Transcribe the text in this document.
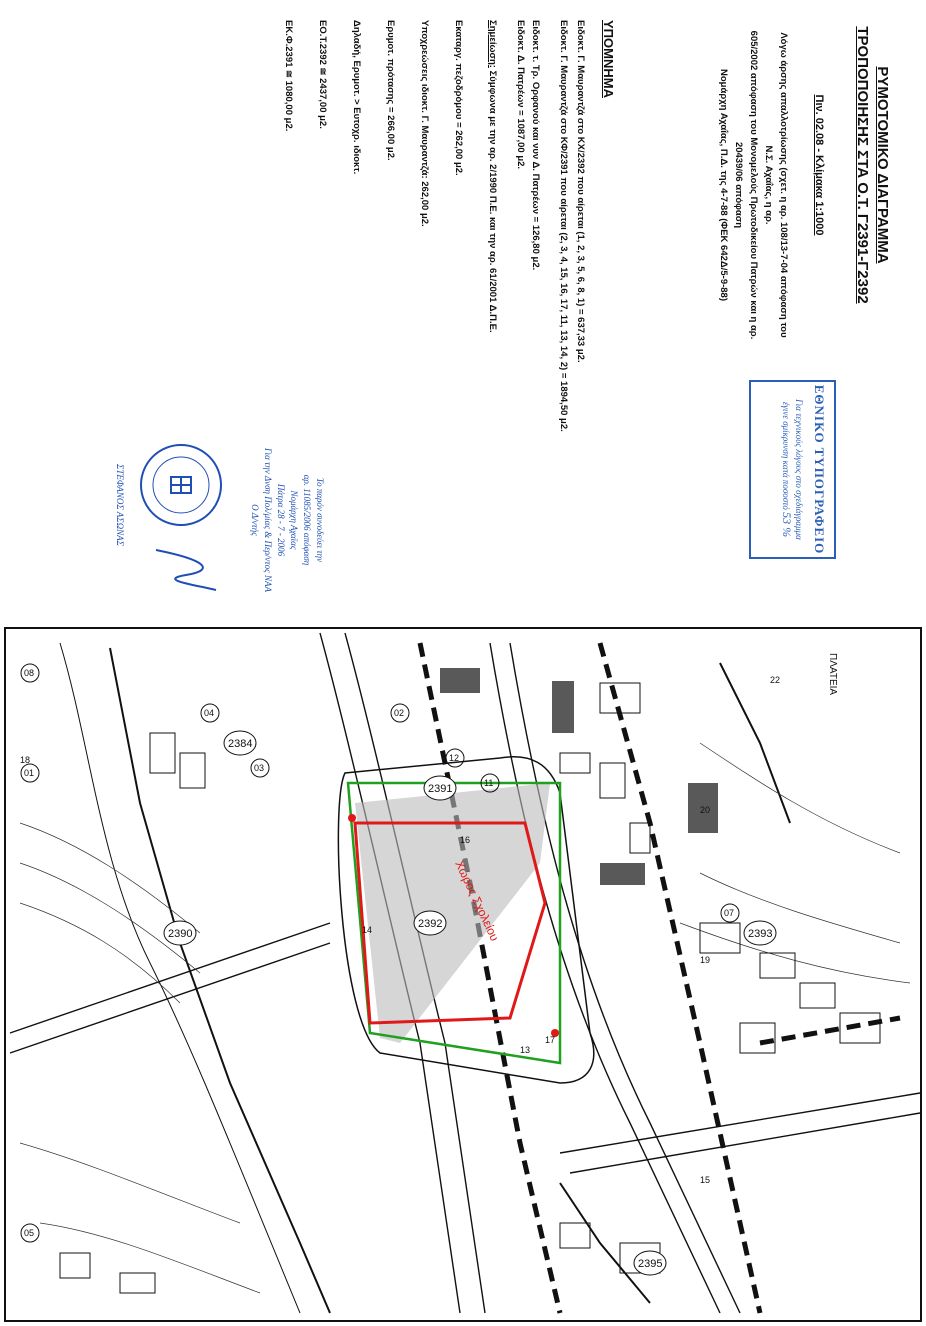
2392
2391
2393
2390
2384
2395
Χώρος Σχολείου
ΠΛΑΤΕΙΑ
01
02
03
04
05
07
08
11
12
13
14
15
16
17
18
19
20
22
ΡΥΜΟΤΟΜΙΚΟ ΔΙΑΓΡΑΜΜΑ
ΤΡΟΠΟΠΟΙΗΣΗΣ ΣΤΑ Ο.Τ. Γ2391-Γ2392
Πιν. 02.08 - Κλίμακα 1:1000
Λόγω άρσης απαλλοτρίωσης (σχετ. η αρ. 108/13-7-04 απόφαση του Ν.Σ. Αχαΐας, η αρ.
605/2002 απόφαση του Μονομελούς Πρωτοδικείου Πατρών και η αρ. 20439/06 απόφαση
Νομάρχη Αχαΐας, Π.Δ. της 4-7-88 (ΦΕΚ 642Δ/5-9-88)
ΕΘΝΙΚΟ ΤΥΠΟΓΡΑΦΕΙΟ
Για τεχνικούς λόγους στο σχεδιάγραμμα
έγινε σμίκρυνση κατά ποσοστό 53 %
ΥΠΟΜΝΗΜΑ
Ειδοκτ. Γ. Μαυραντζά στο ΚΧ/2392 που αίρεται (1, 2, 3, 5, 6, 8, 1) = 637,33 μ2.
Ειδοκτ. Γ. Μαυραντζά στο ΚΦ/2391 που αίρεται (2, 3, 4, 15, 16, 17, 11, 13, 14, 2) = 1894,50 μ2.
Ειδοκτ. τ. Τρ. Ορφανού και νυν Δ. Πατρέων = 126,80 μ2.
Ειδοκτ. Δ. Πατρέων = 1087,00 μ2.
Σημείωση: Σύμφωνα με την αρ. 2/1990 Π.Ε. και την αρ. 61/2001 Δ.Π.Ε.
Εκαταργ. πεζοδρόμου = 262,00 μ2.
Υποχρεώσεις ιδιοκτ. Γ. Μαυραντζά: 262,00 μ2.
Ερυμοτ. πρότασης = 266,00 μ2.
Δηλαδή, Ερυμοτ. > Ευτοχρ. ιδιοκτ.
ΕΟ.Τ.2392 ≅ 2437,00 μ2.
ΕΚ.Φ.2391 ≅ 1080,00 μ2.
Το παρόν συνοδεύει την
αρ. 11085/2006 απόφαση
Νομάρχη Αχαΐας
Πάτρα 28 - 7 - 2006
Για την Δνση Πολ/μίας & Περ/ντος ΝΑΑ
Ο Δ/ντής
ΣΤΕΦΑΝΟΣ ΑΣΩΝΑΣ
